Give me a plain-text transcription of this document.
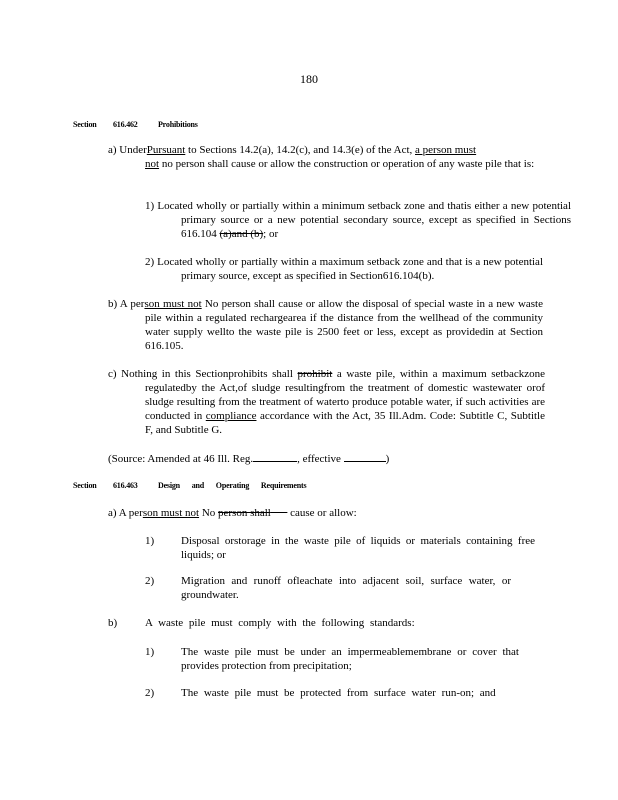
180
Section 616.462	Prohibitions
a) UnderPursuant to Sections 14.2(a), 14.2(c), and 14.3(e) of the Act, a person must
not no person shall cause or allow the construction or operation of any waste pile that is:
1) Located wholly or partially within a minimum setback zone and thatis either a new potential primary source or a new potential secondary source, except as specified in Sections 616.104 (a)and (b); or
2) Located wholly or partially within a maximum setback zone and that is a new potential primary source, except as specified in Section616.104(b).
b) A person must not No person shall cause or allow the disposal of special waste in a new waste pile within a regulated rechargearea if the distance from the wellhead of the community water supply wellto the waste pile is 2500 feet or less, except as providedin at Section 616.105.
c) Nothing in this Sectionprohibits shall prohibit a waste pile, within a maximum setbackzone regulatedby the Act,of sludge resultingfrom the treatment of domestic wastewater orof sludge resulting from the treatment of waterto produce potable water, if such activities are conducted in compliance accordance with the Act, 35 Ill.Adm. Code: Subtitle C, Subtitle F, and Subtitle G.
(Source: Amended at 46 Ill. Reg.	, effective	)
Section 616.463	Design and Operating Requirements
a) A person must not No person shall       cause or allow:
1) Disposal orstorage in the waste pile of liquids or materials containing free liquids; or
2) Migration and runoff ofleachate into adjacent soil, surface water, or groundwater.
b)	A waste pile must comply with the following standards:
1) The waste pile must be under an impermeablemembrane or cover that provides protection from precipitation;
2) The waste pile must be protected from surface water run-on; and
